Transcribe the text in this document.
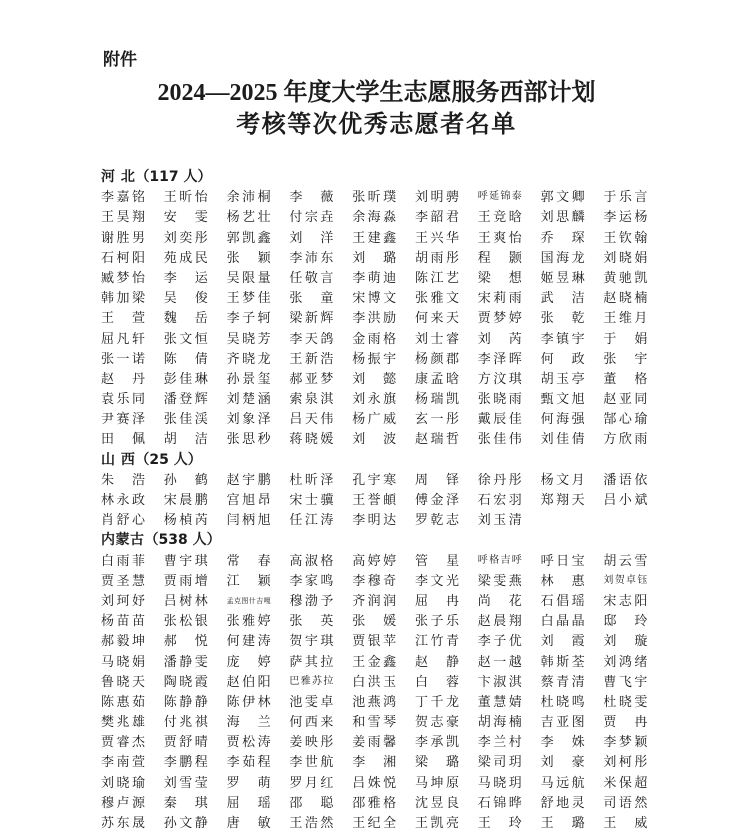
附件
2024—2025 年度大学生志愿服务西部计划
考核等次优秀志愿者名单
河 北（117 人）
李嘉铭	王昕怡	余沛桐	李 薇	张昕璞	刘明骋	呼延锦泰	郭文卿	于乐言
王昊翔	安 雯	杨艺壮	付宗垚	余海淼	李韶君	王竞晗	刘思麟	李运杨
谢胜男	刘奕彤	郭凯鑫	刘 洋	王建鑫	王兴华	王爽怡	乔 琛	王钦翰
石柯阳	苑成民	张 颖	李沛东	刘 璐	胡雨彤	程 颢	国海龙	刘晓娟
臧梦怡	李 运	吴限量	任敬言	李萌迪	陈江艺	梁 想	姬昱琳	黄驰凯
韩加梁	吴 俊	王梦佳	张 童	宋博文	张雅文	宋莉雨	武 洁	赵晓楠
王 萱	魏 岳	李子轲	梁新辉	李洪励	何来天	贾梦婷	张 乾	王维月
屈凡轩	张文恒	吴晓芳	李天鸽	金雨格	刘士睿	刘 芮	李镇宇	于 娟
张一诺	陈 倩	齐晓龙	王新浩	杨振宇	杨颜郡	李泽晖	何 政	张 宇
赵 丹	彭佳琳	孙景玺	郝亚梦	刘 懿	康孟晗	方汶琪	胡玉亭	董 格
袁乐同	潘登辉	刘楚涵	索泉淇	刘永旗	杨瑞凯	张晓雨	甄文旭	赵亚同
尹赛泽	张佳渓	刘象泽	吕天伟	杨广威	玄一彤	戴辰佳	何海强	郜心瑜
田 佩	胡 洁	张思秒	蒋晓媛	刘 波	赵瑞哲	张佳伟	刘佳倩	方欣雨
山 西（25 人）
朱 浩	孙 鹤	赵宇鹏	杜昕泽	孔宇寒	周 铎	徐丹彤	杨文月	潘语依
林永政	宋晨鹏	宫旭昂	宋士骥	王誉頔	傅金泽	石宏羽	郑翔天	吕小斌
肖舒心	杨楨芮	闫柄旭	任江涛	李明达	罗乾志	刘玉清
内蒙古（538 人）
白雨菲	曹宇琪	常 春	高淑格	高婷婷	管 星	呼格吉呼	呼日宝	胡云雪
贾圣慧	贾雨增	江 颖	李家鸣	李穆奇	李文光	梁雯燕	林 惠	刘贺卓钰
刘珂妤	吕树林	孟克图什吉嘎	穆渤予	齐润润	屈 冉	尚 花	石倡瑶	宋志阳
杨苗苗	张松银	张雅婷	张 英	张 媛	张子乐	赵晨翔	白晶晶	邸 玲
郝毅坤	郝 悦	何建涛	贺宇琪	贾银苹	江竹青	李子优	刘 霞	刘 璇
马晓娟	潘静雯	庞 婷	萨其拉	王金鑫	赵 静	赵一越	韩斯荃	刘鸿绪
鲁晓天	陶晓霞	赵伯阳	巴雅苏拉	白洪玉	白 蓉	卞淑淇	蔡青清	曹飞宇
陈惠茹	陈静静	陈伊林	池雯卓	池燕鸿	丁千龙	董慧婧	杜晓鸣	杜晓雯
樊兆雄	付兆祺	海 兰	何西来	和雪琴	贺志豪	胡海楠	吉亚图	贾 冉
贾睿杰	贾舒晴	贾松涛	姜映彤	姜雨馨	李承凯	李兰村	李 姝	李梦颖
李南萱	李鹏程	李茹程	李世航	李 湘	梁 璐	梁司玥	刘 豪	刘柯彤
刘晓瑜	刘雪莹	罗 萌	罗月红	吕姝悦	马坤原	马晓玥	马远航	米保超
穆卢源	秦 琪	屈 瑶	邵 聪	邵雅格	沈昱良	石锦晔	舒地灵	司语然
苏东晟	孙文静	唐 敏	王浩然	王纪全	王凯亮	王 玲	王 璐	王 威
